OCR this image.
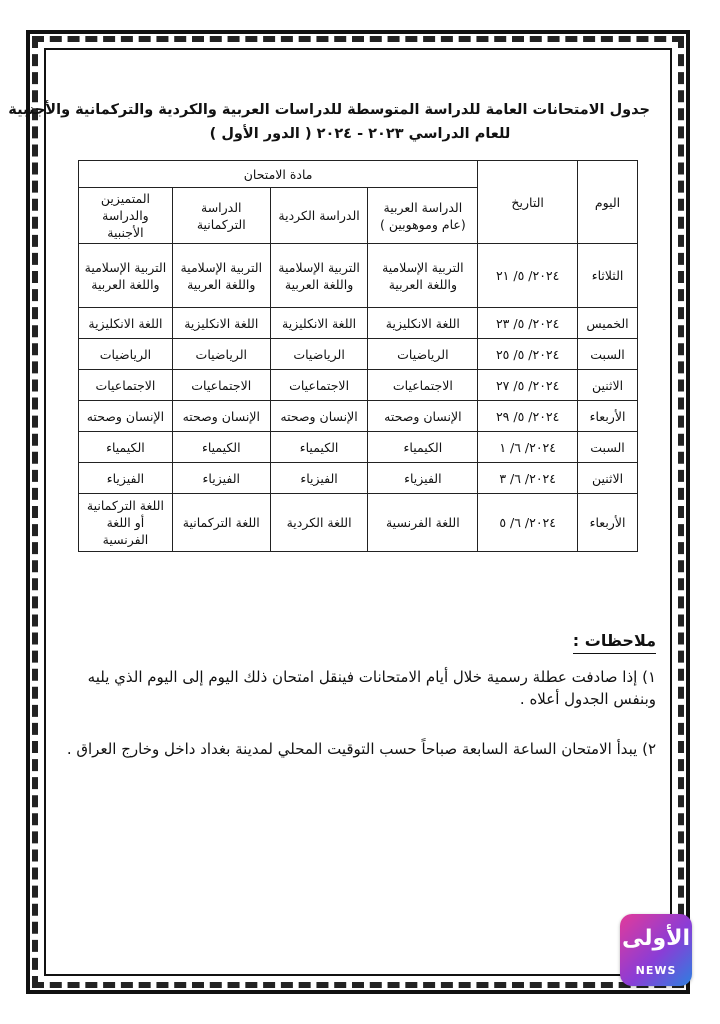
جدول الامتحانات العامة للدراسة المتوسطة للدراسات العربية والكردية والتركمانية والأجنبية
للعام الدراسي ٢٠٢٣ - ٢٠٢٤ ( الدور الأول )
اليوم	التاريخ	مادة الامتحان			
		الدراسة العربية (عام وموهوبين )	الدراسة الكردية	الدراسة التركمانية	المتميزين والدراسة الأجنبية
الثلاثاء	٢٠٢٤/ ٥/ ٢١	التربية الإسلامية واللغة العربية	التربية الإسلامية واللغة العربية	التربية الإسلامية واللغة العربية	التربية الإسلامية واللغة العربية
الخميس	٢٠٢٤/ ٥/ ٢٣	اللغة الانكليزية	اللغة الانكليزية	اللغة الانكليزية	اللغة الانكليزية
السبت	٢٠٢٤/ ٥/ ٢٥	الرياضيات	الرياضيات	الرياضيات	الرياضيات
الاثنين	٢٠٢٤/ ٥/ ٢٧	الاجتماعيات	الاجتماعيات	الاجتماعيات	الاجتماعيات
الأربعاء	٢٠٢٤/ ٥/ ٢٩	الإنسان وصحته	الإنسان وصحته	الإنسان وصحته	الإنسان وصحته
السبت	٢٠٢٤/ ٦/ ١	الكيمياء	الكيمياء	الكيمياء	الكيمياء
الاثنين	٢٠٢٤/ ٦/ ٣	الفيزياء	الفيزياء	الفيزياء	الفيزياء
الأربعاء	٢٠٢٤/ ٦/ ٥	اللغة الفرنسية	اللغة الكردية	اللغة التركمانية	اللغة التركمانية أو اللغة الفرنسية
ملاحظات :
١) إذا صادفت عطلة رسمية خلال أيام الامتحانات فينقل امتحان ذلك اليوم إلى اليوم الذي يليه وبنفس الجدول أعلاه .
٢) يبدأ الامتحان الساعة السابعة صباحاً حسب التوقيت المحلي لمدينة بغداد داخل وخارج العراق .
الأولى
NEWS
